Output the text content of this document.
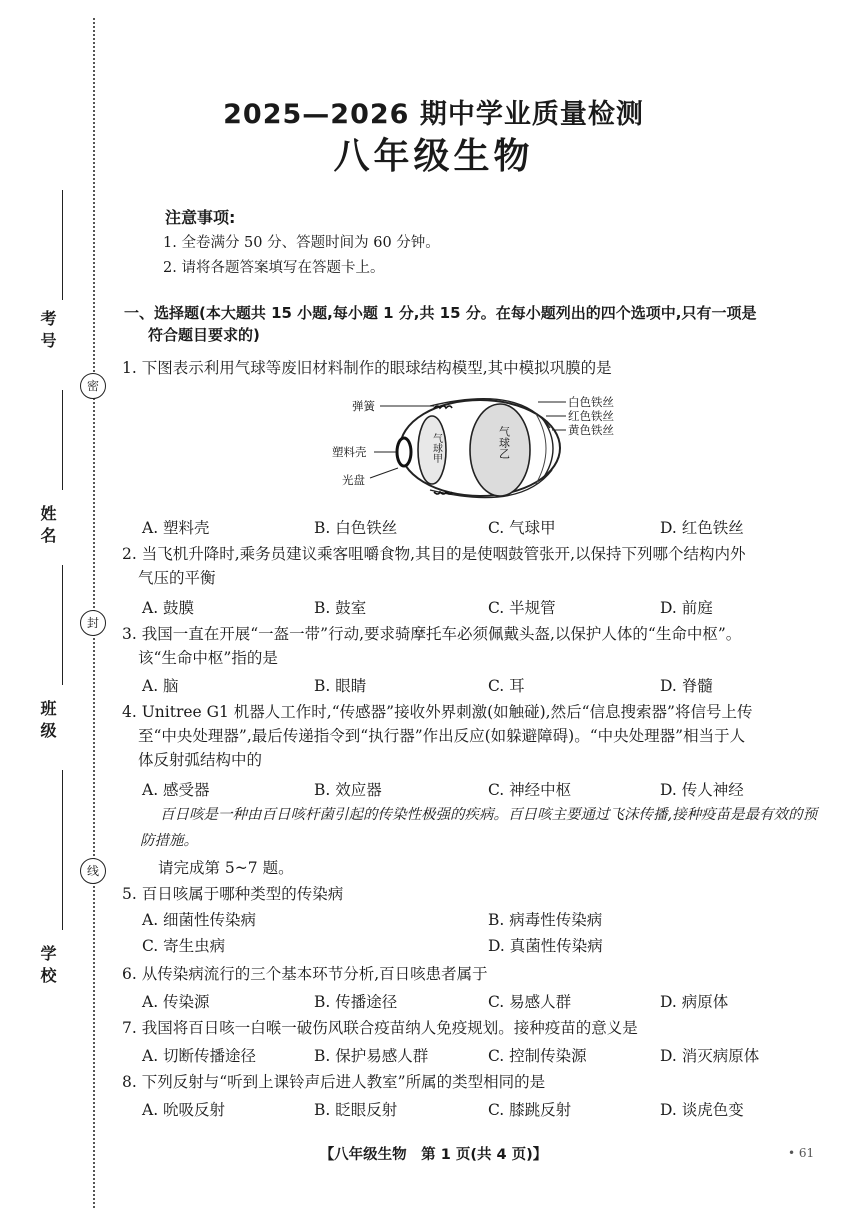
考号
姓名
班级
学校
密
封
线
2025—2026 期中学业质量检测
八年级生物
注意事项:
1. 全卷满分 50 分、答题时间为 60 分钟。
2. 请将各题答案填写在答题卡上。
一、选择题(本大题共 15 小题,每小题 1 分,共 15 分。在每小题列出的四个选项中,只有一项是
符合题目要求的)
1. 下图表示利用气球等废旧材料制作的眼球结构模型,其中模拟巩膜的是
气球甲	气球乙
弹簧
塑料壳
光盘
白色铁丝
红色铁丝
黄色铁丝
A. 塑料壳	B. 白色铁丝	C. 气球甲	D. 红色铁丝
2. 当飞机升降时,乘务员建议乘客咀嚼食物,其目的是使咽鼓管张开,以保持下列哪个结构内外
气压的平衡
A. 鼓膜	B. 鼓室	C. 半规管	D. 前庭
3. 我国一直在开展“一盔一带”行动,要求骑摩托车必须佩戴头盔,以保护人体的“生命中枢”。
该“生命中枢”指的是
A. 脑	B. 眼睛	C. 耳	D. 脊髓
4. Unitree G1 机器人工作时,“传感器”接收外界刺激(如触碰),然后“信息搜索器”将信号上传
至“中央处理器”,最后传递指令到“执行器”作出反应(如躲避障碍)。“中央处理器”相当于人
体反射弧结构中的
A. 感受器	B. 效应器	C. 神经中枢	D. 传人神经
百日咳是一种由百日咳杆菌引起的传染性极强的疾病。百日咳主要通过飞沫传播,接种疫苗是最有效的预防措施。
请完成第 5~7 题。
5. 百日咳属于哪种类型的传染病
A. 细菌性传染病	B. 病毒性传染病
C. 寄生虫病	D. 真菌性传染病
6. 从传染病流行的三个基本环节分析,百日咳患者属于
A. 传染源	B. 传播途径	C. 易感人群	D. 病原体
7. 我国将百日咳一白喉一破伤风联合疫苗纳人免疫规划。接种疫苗的意义是
A. 切断传播途径	B. 保护易感人群	C. 控制传染源	D. 消灭病原体
8. 下列反射与“听到上课铃声后进人教室”所属的类型相同的是
A. 吮吸反射	B. 眨眼反射	C. 膝跳反射	D. 谈虎色变
【八年级生物　第 1 页(共 4 页)】	• 61
